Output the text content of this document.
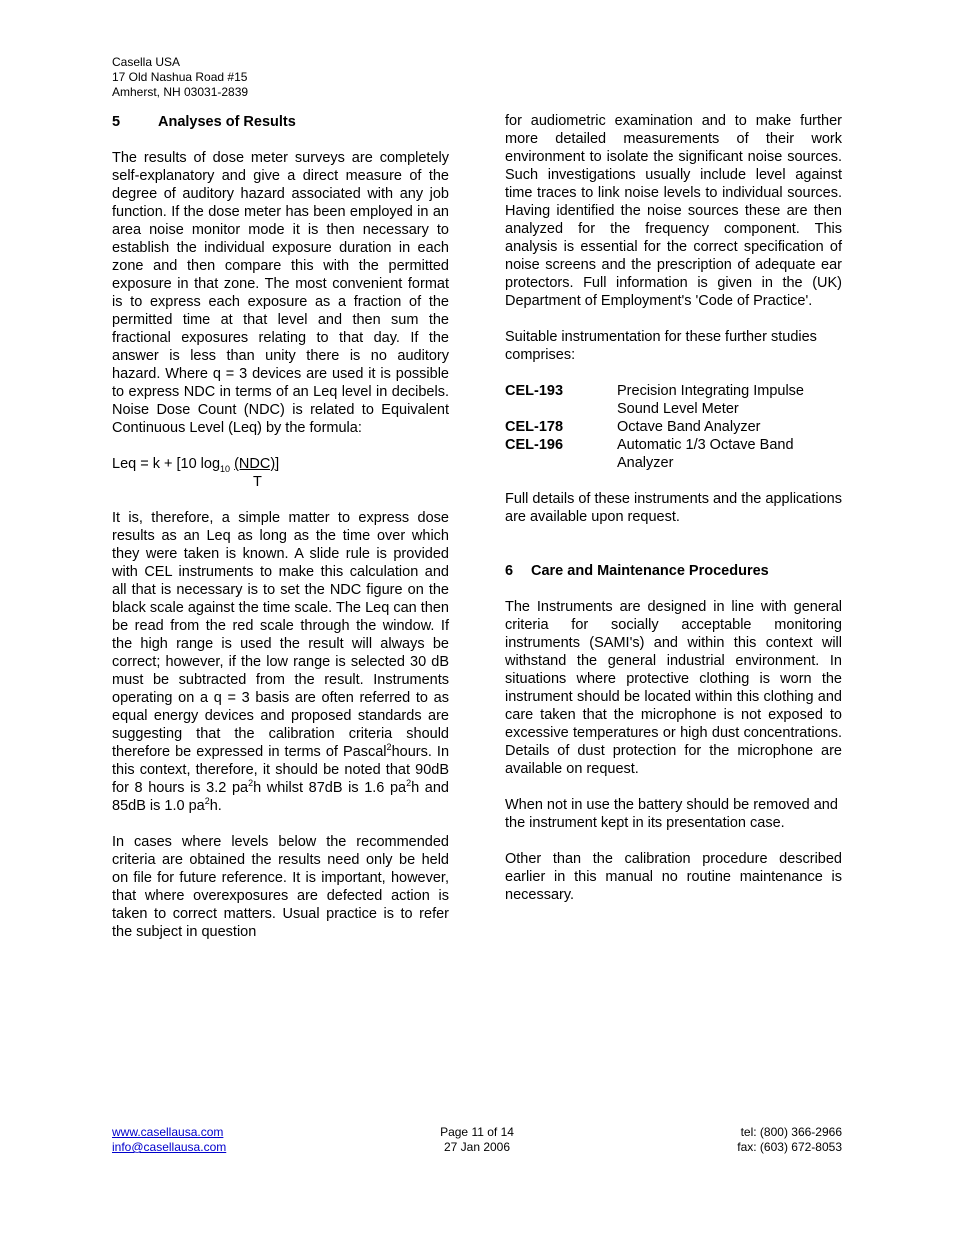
Casella USA
17 Old Nashua Road #15
Amherst, NH 03031-2839

5	Analyses of Results

The results of dose meter surveys are completely self-explanatory and give a direct measure of the degree of auditory hazard associated with any job function. If the dose meter has been employed in an area noise monitor mode it is then necessary to establish the individual exposure duration in each zone and then compare this with the permitted exposure in that zone. The most convenient format is to express each exposure as a fraction of the permitted time at that level and then sum the fractional exposures relating to that day. If the answer is less than unity there is no auditory hazard. Where q = 3 devices are used it is possible to express NDC in terms of an Leq level in decibels. Noise Dose Count (NDC) is related to Equivalent Continuous Level (Leq) by the formula:

Leq = k + [10 $\log_{10} (NDC)$]
T

It is, therefore, a simple matter to express dose results as an Leq as long as the time over which they were taken is known. A slide rule is provided with CEL instruments to make this calculation and all that is necessary is to set the NDC figure on the black scale against the time scale. The Leq can then be read from the red scale through the window. If the high range is used the result will always be correct; however, if the low range is selected 30 dB must be subtracted from the result. Instruments operating on a q = 3 basis are often referred to as equal energy devices and proposed standards are suggesting that the calibration criteria should therefore be expressed in terms of Pascal$^2$hours. In this context, therefore, it should be noted that 90dB for 8 hours is 3.2 $pa^2h$ whilst 87dB is 1.6 $pa^2h$ and 85dB is 1.0 $pa^2h$.

In cases where levels below the recommended criteria are obtained the results need only be held on file for future reference. It is important, however, that where overexposures are defected action is taken to correct matters. Usual practice is to refer the subject in question

for audiometric examination and to make further more detailed measurements of their work environment to isolate the significant noise sources. Such investigations usually include level against time traces to link noise levels to individual sources. Having identified the noise sources these are then analyzed for the frequency component. This analysis is essential for the correct specification of noise screens and the prescription of adequate ear protectors. Full information is given in the (UK) Department of Employment's 'Code of Practice'.

Suitable instrumentation for these further studies comprises:

CEL-193	Precision Integrating Impulse Sound Level Meter
CEL-178	Octave Band Analyzer
CEL-196	Automatic 1/3 Octave Band Analyzer

Full details of these instruments and the applications are available upon request.

6 Care and Maintenance Procedures

The Instruments are designed in line with general criteria for socially acceptable monitoring instruments (SAMI's) and within this context will withstand the general industrial environment. In situations where protective clothing is worn the instrument should be located within this clothing and care taken that the microphone is not exposed to excessive temperatures or high dust concentrations. Details of dust protection for the microphone are available on request.

When not in use the battery should be removed and the instrument kept in its presentation case.

Other than the calibration procedure described earlier in this manual no routine maintenance is necessary.

www.casellausa.com
info@casellausa.com
Page 11 of 14
27 Jan 2006
tel: (800) 366-2966
fax: (603) 672-8053
